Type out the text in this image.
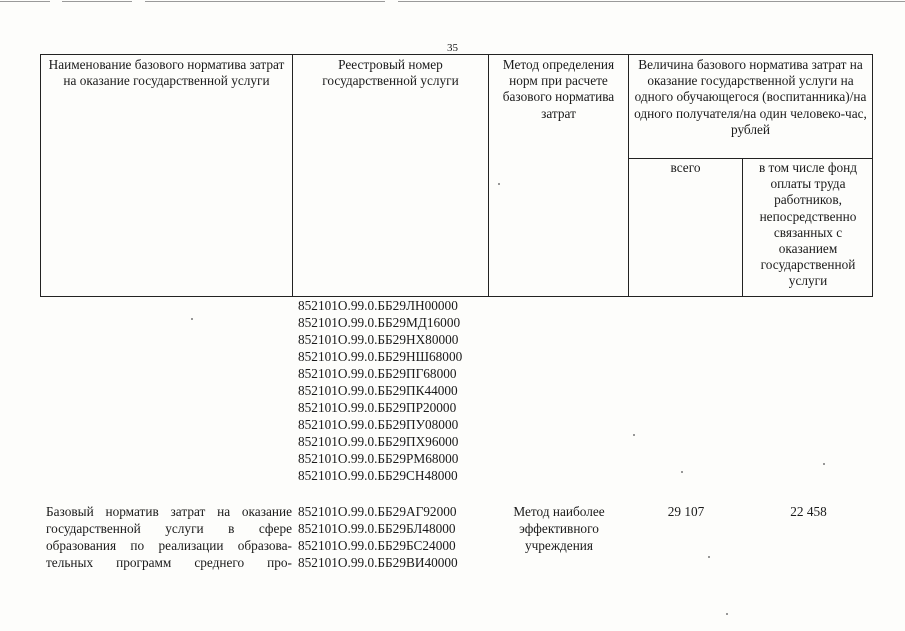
35
Наименование базового норматива затрат на оказание государственной услуги
Реестровый номер государственной услуги
Метод определения норм при расчете базового норматива затрат
Величина базового норматива затрат на оказание государственной услуги на одного обучающегося (воспитанника)/на одного получателя/на один человеко-час, рублей
всего	в том числе фонд оплаты труда работников, непосредственно связанных с оказанием государственной услуги
852101О.99.0.ББ29ЛН00000
852101О.99.0.ББ29МД16000
852101О.99.0.ББ29НХ80000
852101О.99.0.ББ29НШ68000
852101О.99.0.ББ29ПГ68000
852101О.99.0.ББ29ПК44000
852101О.99.0.ББ29ПР20000
852101О.99.0.ББ29ПУ08000
852101О.99.0.ББ29ПХ96000
852101О.99.0.ББ29РМ68000
852101О.99.0.ББ29СН48000
Базовый норматив затрат на оказание
государственной услуги в сфере
образования по реализации образова-
тельных программ среднего про-
852101О.99.0.ББ29АГ92000
852101О.99.0.ББ29БЛ48000
852101О.99.0.ББ29БС24000
852101О.99.0.ББ29ВИ40000
Метод наиболее
эффективного
учреждения
29 107	22 458
